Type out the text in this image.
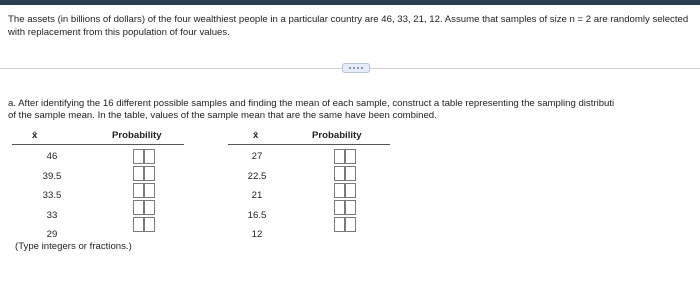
The assets (in billions of dollars) of the four wealthiest people in a particular country are 46, 33, 21, 12. Assume that samples of size n = 2 are randomly selected with replacement from this population of four values.
a. After identifying the 16 different possible samples and finding the mean of each sample, construct a table representing the sampling distributi
of the sample mean. In the table, values of the sample mean that are the same have been combined.
x̄	Probability
46
39.5
33.5
33
29
x̄	Probability
27
22.5
21
16.5
12
(Type integers or fractions.)
